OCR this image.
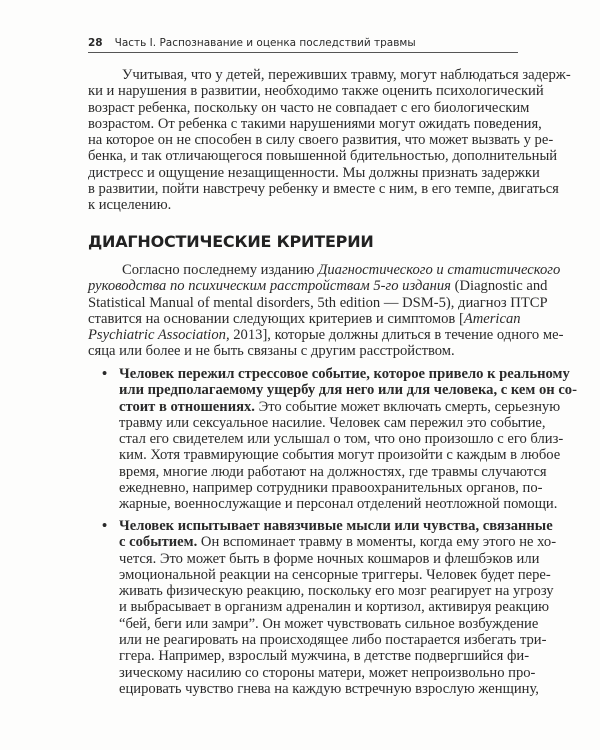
28 Часть I. Распознавание и оценка последствий травмы
Учитывая, что у детей, переживших травму, могут наблюдаться задерж-
ки и нарушения в развитии, необходимо также оценить психологический
возраст ребенка, поскольку он часто не совпадает с его биологическим
возрастом. От ребенка с такими нарушениями могут ожидать поведения,
на которое он не способен в силу своего развития, что может вызвать у ре-
бенка, и так отличающегося повышенной бдительностью, дополнительный
дистресс и ощущение незащищенности. Мы должны признать задержки
в развитии, пойти навстречу ребенку и вместе с ним, в его темпе, двигаться
к исцелению.
ДИАГНОСТИЧЕСКИЕ КРИТЕРИИ
Согласно последнему изданию Диагностического и статистического
руководства по психическим расстройствам 5-го издания (Diagnostic and
Statistical Manual of mental disorders, 5th edition — DSM-5), диагноз ПТСР
ставится на основании следующих критериев и симптомов [American
Psychiatric Association, 2013], которые должны длиться в течение одного ме-
сяца или более и не быть связаны с другим расстройством.
• Человек пережил стрессовое событие, которое привело к реальному
или предполагаемому ущербу для него или для человека, с кем он со-
стоит в отношениях. Это событие может включать смерть, серьезную
травму или сексуальное насилие. Человек сам пережил это событие,
стал его свидетелем или услышал о том, что оно произошло с его близ-
ким. Хотя травмирующие события могут произойти с каждым в любое
время, многие люди работают на должностях, где травмы случаются
ежедневно, например сотрудники правоохранительных органов, по-
жарные, военнослужащие и персонал отделений неотложной помощи.
• Человек испытывает навязчивые мысли или чувства, связанные
с событием. Он вспоминает травму в моменты, когда ему этого не хо-
чется. Это может быть в форме ночных кошмаров и флешбэков или
эмоциональной реакции на сенсорные триггеры. Человек будет пере-
живать физическую реакцию, поскольку его мозг реагирует на угрозу
и выбрасывает в организм адреналин и кортизол, активируя реакцию
“бей, беги или замри”. Он может чувствовать сильное возбуждение
или не реагировать на происходящее либо постарается избегать три-
ггера. Например, взрослый мужчина, в детстве подвергшийся фи-
зическому насилию со стороны матери, может непроизвольно про-
ецировать чувство гнева на каждую встречную взрослую женщину,
